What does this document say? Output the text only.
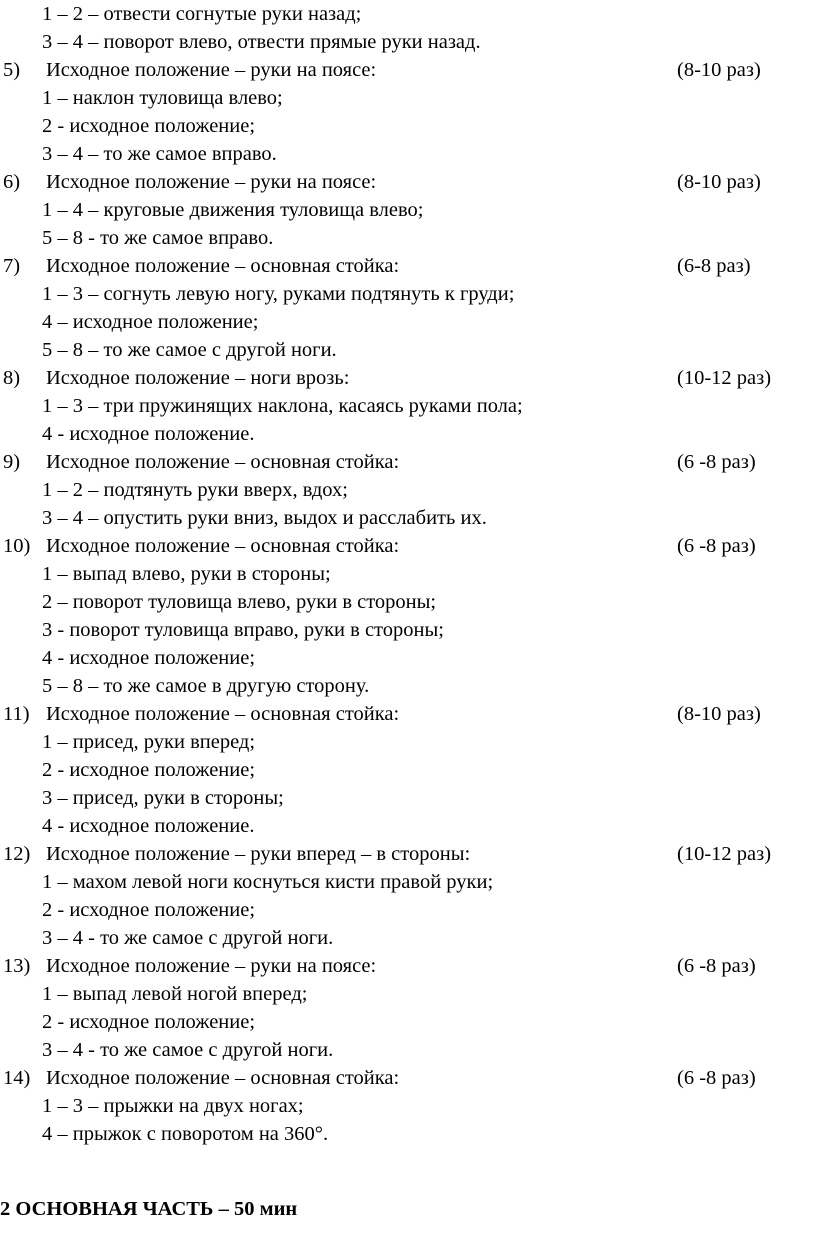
1 – 2 – отвести согнутые руки назад;
3 – 4 – поворот влево, отвести прямые руки назад.
5) Исходное положение – руки на поясе:	(8-10 раз)
1 – наклон туловища влево;
2 - исходное положение;
3 – 4 – то же самое вправо.
6) Исходное положение – руки на поясе:	(8-10 раз)
1 – 4 – круговые движения туловища влево;
5 – 8 - то же самое вправо.
7) Исходное положение – основная стойка:	(6-8 раз)
1 – 3 – согнуть левую ногу, руками подтянуть к груди;
4 – исходное положение;
5 – 8 – то же самое с другой ноги.
8) Исходное положение – ноги врозь:	(10-12 раз)
1 – 3 – три пружинящих наклона, касаясь руками пола;
4 - исходное положение.
9) Исходное положение – основная стойка:	(6 -8 раз)
1 – 2 – подтянуть руки вверх, вдох;
3 – 4 – опустить руки вниз, выдох и расслабить их.
10) Исходное положение – основная стойка:	(6 -8 раз)
1 – выпад влево, руки в стороны;
2 – поворот туловища влево, руки в стороны;
3 - поворот туловища вправо, руки в стороны;
4 - исходное положение;
5 – 8 – то же самое в другую сторону.
11) Исходное положение – основная стойка:	(8-10 раз)
1 – присед, руки вперед;
2 - исходное положение;
3 – присед, руки в стороны;
4 - исходное положение.
12) Исходное положение – руки вперед – в стороны:	(10-12 раз)
1 – махом левой ноги коснуться кисти правой руки;
2 - исходное положение;
3 – 4 - то же самое с другой ноги.
13) Исходное положение – руки на поясе:	(6 -8 раз)
1 – выпад левой ногой вперед;
2 - исходное положение;
3 – 4 - то же самое с другой ноги.
14) Исходное положение – основная стойка:	(6 -8 раз)
1 – 3 – прыжки на двух ногах;
4 – прыжок с поворотом на 360°.
2 ОСНОВНАЯ ЧАСТЬ – 50 мин
